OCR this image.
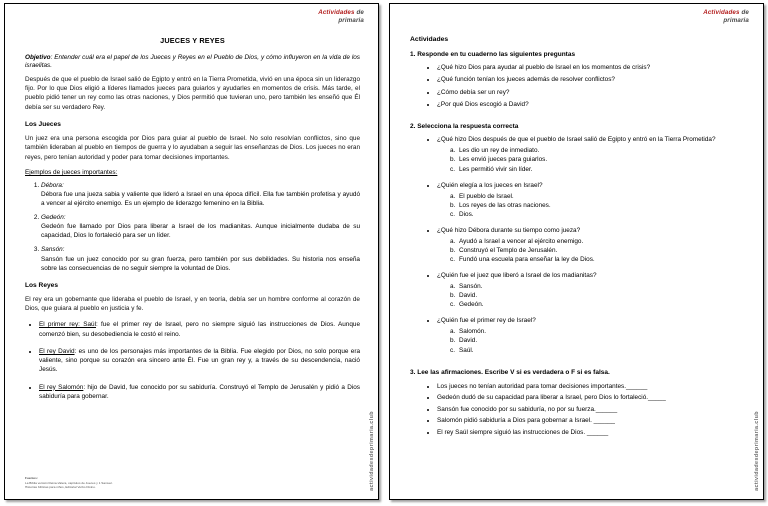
Actividades de
primaria
JUECES Y REYES

Objetivo: Entender cuál era el papel de los Jueces y Reyes en el Pueblo de Dios, y cómo influyeron en la vida de los israelitas.

Después de que el pueblo de Israel salió de Egipto y entró en la Tierra Prometida, vivió en una época sin un liderazgo fijo. Por lo que Dios eligió a líderes llamados jueces para guiarlos y ayudarles en momentos de crisis. Más tarde, el pueblo pidió tener un rey como las otras naciones, y Dios permitió que tuvieran uno, pero también les enseñó que Él debía ser su verdadero Rey.

Los Jueces

Un juez era una persona escogida por Dios para guiar al pueblo de Israel. No solo resolvían conflictos, sino que también lideraban al pueblo en tiempos de guerra y lo ayudaban a seguir las enseñanzas de Dios. Los jueces no eran reyes, pero tenían autoridad y poder para tomar decisiones importantes.

Ejemplos de jueces importantes:
1. Débora:
Débora fue una jueza sabia y valiente que lideró a Israel en una época difícil. Ella fue también profetisa y ayudó a vencer al ejército enemigo. Es un ejemplo de liderazgo femenino en la Biblia.
2. Gedeón:
Gedeón fue llamado por Dios para liberar a Israel de los madianitas. Aunque inicialmente dudaba de su capacidad, Dios lo fortaleció para ser un líder.
3. Sansón:
Sansón fue un juez conocido por su gran fuerza, pero también por sus debilidades. Su historia nos enseña sobre las consecuencias de no seguir siempre la voluntad de Dios.
Los Reyes

El rey era un gobernante que lideraba el pueblo de Israel, y en teoría, debía ser un hombre conforme al corazón de Dios, que guiara al pueblo en justicia y fe.

• El primer rey: Saúl: fue el primer rey de Israel, pero no siempre siguió las instrucciones de Dios. Aunque comenzó bien, su desobediencia le costó el reino.
• El rey David: es uno de los personajes más importantes de la Biblia. Fue elegido por Dios, no solo porque era valiente, sino porque su corazón era sincero ante Él. Fue un gran rey y, a través de su descendencia, nació Jesús.
• El rey Salomón: hijo de David, fue conocido por su sabiduría. Construyó el Templo de Jerusalén y pidió a Dios sabiduría para gobernar.
Fuentes:
La Biblia versión Reina-Valera, capítulos de Jueces y 1 Samuel.
Historias bíblicas para niños, Editorial Verbo Divino.	actividadesdeprimaria.club
Actividades de
primaria
Actividades
1. Responde en tu cuaderno las siguientes preguntas
• ¿Qué hizo Dios para ayudar al pueblo de Israel en los momentos de crisis?
• ¿Qué función tenían los jueces además de resolver conflictos?
• ¿Cómo debía ser un rey?
• ¿Por qué Dios escogió a David?
2. Selecciona la respuesta correcta
• ¿Qué hizo Dios después de que el pueblo de Israel salió de Egipto y entró en la Tierra Prometida?
a. Les dio un rey de inmediato.
b. Les envió jueces para guiarlos.
c. Les permitió vivir sin líder.
• ¿Quién elegía a los jueces en Israel?
a. El pueblo de Israel.
b. Los reyes de las otras naciones.
c. Dios.
• ¿Qué hizo Débora durante su tiempo como jueza?
a. Ayudó a Israel a vencer al ejército enemigo.
b. Construyó el Templo de Jerusalén.
c. Fundó una escuela para enseñar la ley de Dios.
• ¿Quién fue el juez que liberó a Israel de los madianitas?
a. Sansón.
b. David.
c. Gedeón.
• ¿Quién fue el primer rey de Israel?
a. Salomón.
b. David.
c. Saúl.
3. Lee las afirmaciones. Escribe V si es verdadera o F si es falsa.
• Los jueces no tenían autoridad para tomar decisiones importantes.______
• Gedeón dudó de su capacidad para liberar a Israel, pero Dios lo fortaleció._____
• Sansón fue conocido por su sabiduría, no por su fuerza.______
• Salomón pidió sabiduría a Dios para gobernar a Israel. ______
• El rey Saúl siempre siguió las instrucciones de Dios. ______	actividadesdeprimaria.club
